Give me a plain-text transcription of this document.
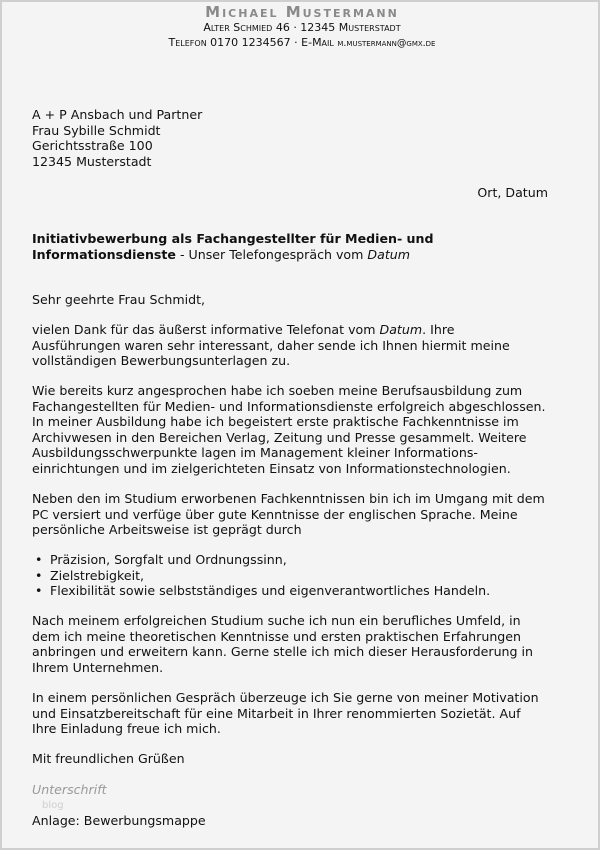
Michael Mustermann
Alter Schmied 46 · 12345 Musterstadt
Telefon 0170 1234567 · E-Mail m.mustermann@gmx.de
A + P Ansbach und Partner
Frau Sybille Schmidt
Gerichtsstraße 100
12345 Musterstadt
Ort, Datum
Initiativbewerbung als Fachangestellter für Medien- und
Informationsdienste - Unser Telefongespräch vom Datum
Sehr geehrte Frau Schmidt,
vielen Dank für das äußerst informative Telefonat vom Datum. Ihre
Ausführungen waren sehr interessant, daher sende ich Ihnen hiermit meine
vollständigen Bewerbungsunterlagen zu.
Wie bereits kurz angesprochen habe ich soeben meine Berufsausbildung zum
Fachangestellten für Medien- und Informationsdienste erfolgreich abgeschlossen.
In meiner Ausbildung habe ich begeistert erste praktische Fachkenntnisse im
Archivwesen in den Bereichen Verlag, Zeitung und Presse gesammelt. Weitere
Ausbildungsschwerpunkte lagen im Management kleiner Informations-
einrichtungen und im zielgerichteten Einsatz von Informationstechnologien.
Neben den im Studium erworbenen Fachkenntnissen bin ich im Umgang mit dem
PC versiert und verfüge über gute Kenntnisse der englischen Sprache. Meine
persönliche Arbeitsweise ist geprägt durch
• Präzision, Sorgfalt und Ordnungssinn,
• Zielstrebigkeit,
• Flexibilität sowie selbstständiges und eigenverantwortliches Handeln.
Nach meinem erfolgreichen Studium suche ich nun ein berufliches Umfeld, in
dem ich meine theoretischen Kenntnisse und ersten praktischen Erfahrungen
anbringen und erweitern kann. Gerne stelle ich mich dieser Herausforderung in
Ihrem Unternehmen.
In einem persönlichen Gespräch überzeuge ich Sie gerne von meiner Motivation
und Einsatzbereitschaft für eine Mitarbeit in Ihrer renommierten Sozietät. Auf
Ihre Einladung freue ich mich.
Mit freundlichen Grüßen
Unterschrift
blog
Anlage: Bewerbungsmappe
